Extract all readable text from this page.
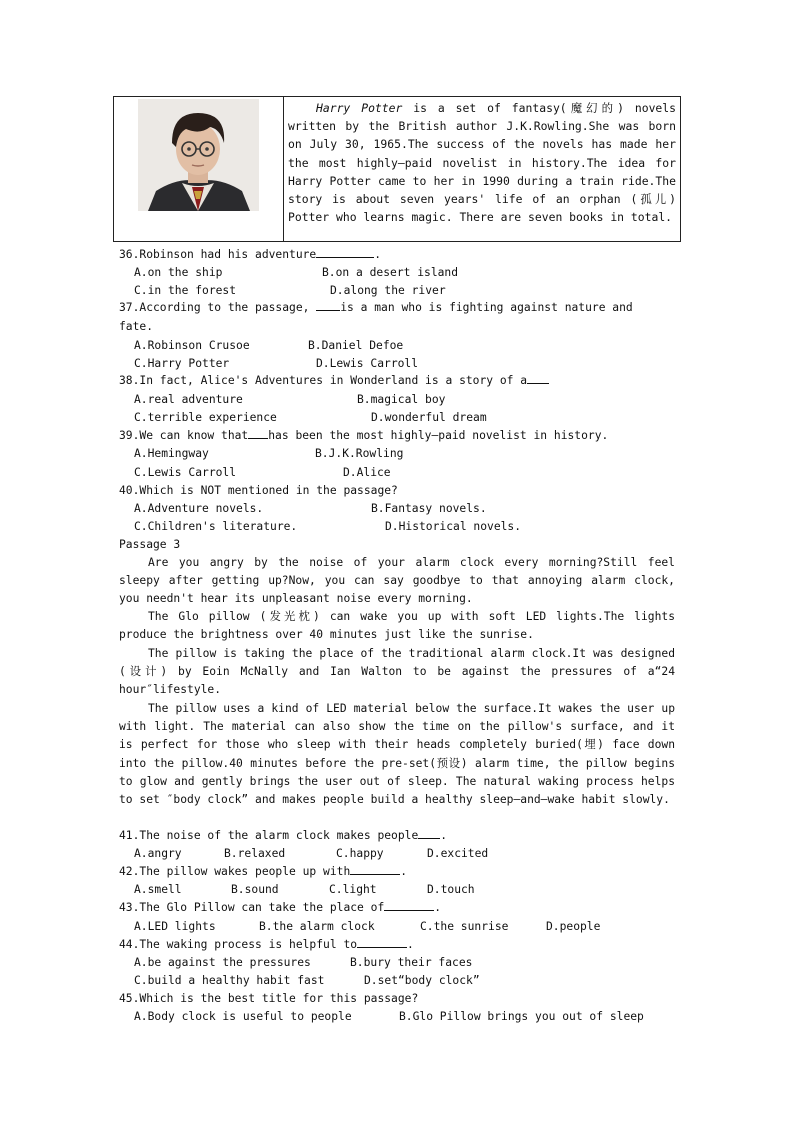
Harry Potter is a set of fantasy(魔幻的) novels written by the British author J.K.Rowling.She was born on July 30, 1965.The success of the novels has made her the most highly—paid novelist in history.The idea for Harry Potter came to her in 1990 during a train ride.The story is about seven years' life of an orphan (孤儿) Potter who learns magic. There are seven books in total.
36.Robinson had his adventure	.
A.on the ship	B.on a desert island
C.in the forest	D.along the river
37.According to the passage,	is a man who is fighting against nature and
fate.
A.Robinson Crusoe	B.Daniel Defoe
C.Harry Potter	D.Lewis Carroll
38.In fact, Alice's Adventures in Wonderland is a story of a
A.real adventure	B.magical boy
C.terrible experience	D.wonderful dream
39.We can know that has been the most highly—paid novelist in history.
A.Hemingway	B.J.K.Rowling
C.Lewis Carroll	D.Alice
40.Which is NOT mentioned in the passage?
A.Adventure novels.	B.Fantasy novels.
C.Children's literature.	D.Historical novels.
Passage 3
Are you angry by the noise of your alarm clock every morning?Still feel sleepy after getting up?Now, you can say goodbye to that annoying alarm clock, you needn't hear its unpleasant noise every morning.
The Glo pillow (发光枕) can wake you up with soft LED lights.The lights produce the brightness over 40 minutes just like the sunrise.
The pillow is taking the place of the traditional alarm clock.It was designed (设计) by Eoin McNally and Ian Walton to be against the pressures of a“24 hour″lifestyle.
The pillow uses a kind of LED material below the surface.It wakes the user up with light. The material can also show the time on the pillow's surface, and it is perfect for those who sleep with their heads completely buried(埋) face down into the pillow.40 minutes before the pre-set(预设) alarm time, the pillow begins to glow and gently brings the user out of sleep. The natural waking process helps to set ″body clock” and makes people build a healthy sleep—and—wake habit slowly.
41.The noise of the alarm clock makes people .
A.angry	B.relaxed	C.happy	D.excited
42.The pillow wakes people up with	.
A.smell	B.sound	C.light	D.touch
43.The Glo Pillow can take the place of	.
A.LED lights	B.the alarm clock	C.the sunrise	D.people
44.The waking process is helpful to	.
A.be against the pressures	B.bury their faces
C.build a healthy habit fast	D.set“body clock”
45.Which is the best title for this passage?
A.Body clock is useful to people	B.Glo Pillow brings you out of sleep
